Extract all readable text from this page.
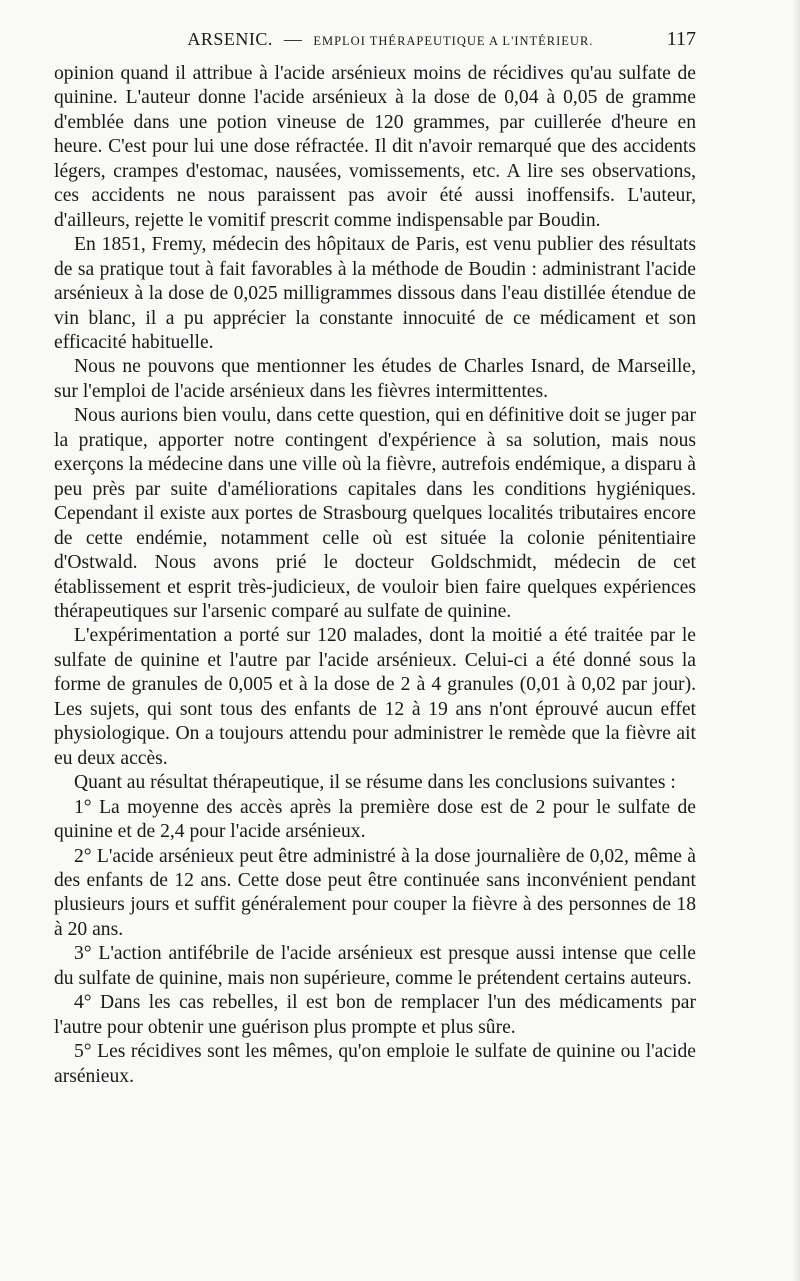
ARSENIC. — EMPLOI THÉRAPEUTIQUE A L'INTÉRIEUR.	117

opinion quand il attribue à l'acide arsénieux moins de récidives qu'au sulfate de quinine. L'auteur donne l'acide arsénieux à la dose de 0,04 à 0,05 de gramme d'emblée dans une potion vineuse de 120 grammes, par cuillerée d'heure en heure. C'est pour lui une dose réfractée. Il dit n'avoir remarqué que des accidents légers, crampes d'estomac, nausées, vomissements, etc. A lire ses observations, ces accidents ne nous paraissent pas avoir été aussi inoffensifs. L'auteur, d'ailleurs, rejette le vomitif prescrit comme indispensable par Boudin.

En 1851, Fremy, médecin des hôpitaux de Paris, est venu publier des résultats de sa pratique tout à fait favorables à la méthode de Boudin : administrant l'acide arsénieux à la dose de 0,025 milligrammes dissous dans l'eau distillée étendue de vin blanc, il a pu apprécier la constante innocuité de ce médicament et son efficacité habituelle.

Nous ne pouvons que mentionner les études de Charles Isnard, de Marseille, sur l'emploi de l'acide arsénieux dans les fièvres intermittentes.

Nous aurions bien voulu, dans cette question, qui en définitive doit se juger par la pratique, apporter notre contingent d'expérience à sa solution, mais nous exerçons la médecine dans une ville où la fièvre, autrefois endémique, a disparu à peu près par suite d'améliorations capitales dans les conditions hygiéniques. Cependant il existe aux portes de Strasbourg quelques localités tributaires encore de cette endémie, notamment celle où est située la colonie pénitentiaire d'Ostwald. Nous avons prié le docteur Goldschmidt, médecin de cet établissement et esprit très-judicieux, de vouloir bien faire quelques expériences thérapeutiques sur l'arsenic comparé au sulfate de quinine.

L'expérimentation a porté sur 120 malades, dont la moitié a été traitée par le sulfate de quinine et l'autre par l'acide arsénieux. Celui-ci a été donné sous la forme de granules de 0,005 et à la dose de 2 à 4 granules (0,01 à 0,02 par jour). Les sujets, qui sont tous des enfants de 12 à 19 ans n'ont éprouvé aucun effet physiologique. On a toujours attendu pour administrer le remède que la fièvre ait eu deux accès.

Quant au résultat thérapeutique, il se résume dans les conclusions suivantes :

1° La moyenne des accès après la première dose est de 2 pour le sulfate de quinine et de 2,4 pour l'acide arsénieux.

2° L'acide arsénieux peut être administré à la dose journalière de 0,02, même à des enfants de 12 ans. Cette dose peut être continuée sans inconvénient pendant plusieurs jours et suffit généralement pour couper la fièvre à des personnes de 18 à 20 ans.

3° L'action antifébrile de l'acide arsénieux est presque aussi intense que celle du sulfate de quinine, mais non supérieure, comme le prétendent certains auteurs.

4° Dans les cas rebelles, il est bon de remplacer l'un des médicaments par l'autre pour obtenir une guérison plus prompte et plus sûre.

5° Les récidives sont les mêmes, qu'on emploie le sulfate de quinine ou l'acide arsénieux.
